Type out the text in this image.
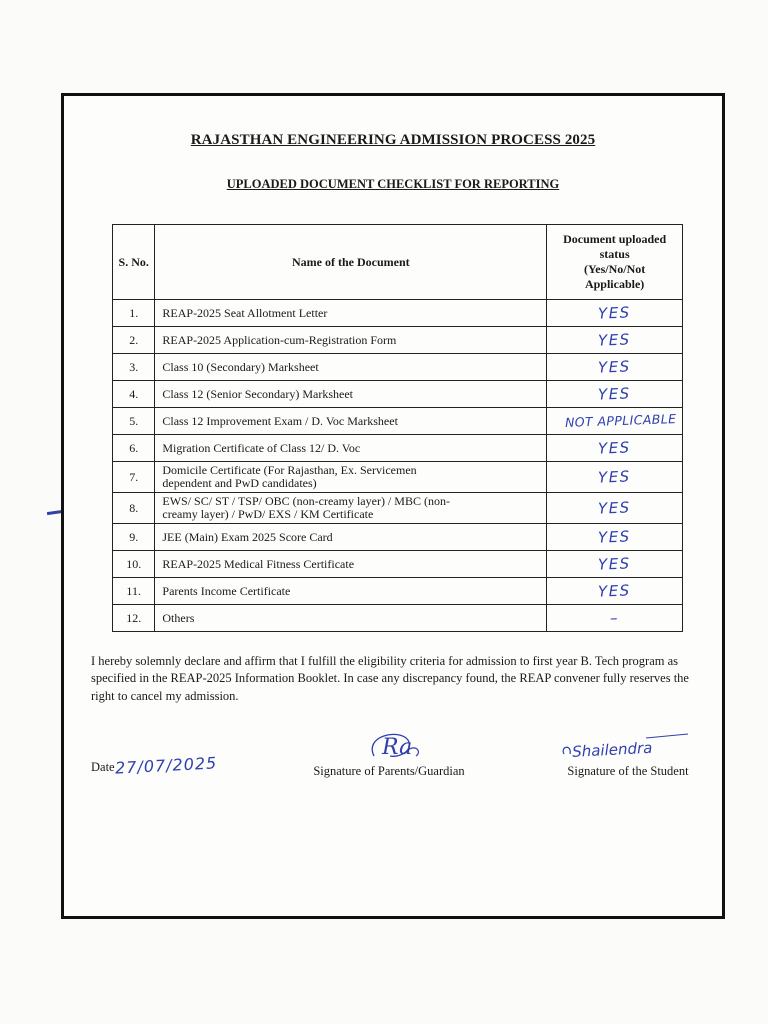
RAJASTHAN ENGINEERING ADMISSION PROCESS 2025
UPLOADED DOCUMENT CHECKLIST FOR REPORTING
S. No.	Name of the Document	Document uploaded
status
(Yes/No/Not
Applicable)

1.	REAP-2025 Seat Allotment Letter	YES
2.	REAP-2025 Application-cum-Registration Form	YES
3.	Class 10 (Secondary) Marksheet	YES
4.	Class 12 (Senior Secondary) Marksheet	YES
5.	Class 12 Improvement Exam / D. Voc Marksheet	NOT APPLICABLE
6.	Migration Certificate of Class 12/ D. Voc	YES
7.	Domicile Certificate (For Rajasthan, Ex. Servicemen
dependent and PwD candidates)	YES
8.	EWS/ SC/ ST / TSP/ OBC (non-creamy layer) / MBC (non-
creamy layer) / PwD/ EXS / KM Certificate	YES
9.	JEE (Main) Exam 2025 Score Card	YES
10.	REAP-2025 Medical Fitness Certificate	YES
11.	Parents Income Certificate	YES
12.	Others	–
I hereby solemnly declare and affirm that I fulfill the eligibility criteria for admission to first year B. Tech program as specified in the REAP-2025 Information Booklet. In case any discrepancy found, the REAP convener fully reserves the right to cancel my admission.
Date27/07/2025
Ra
Signature of Parents/Guardian
Shailendra
Signature of the Student
